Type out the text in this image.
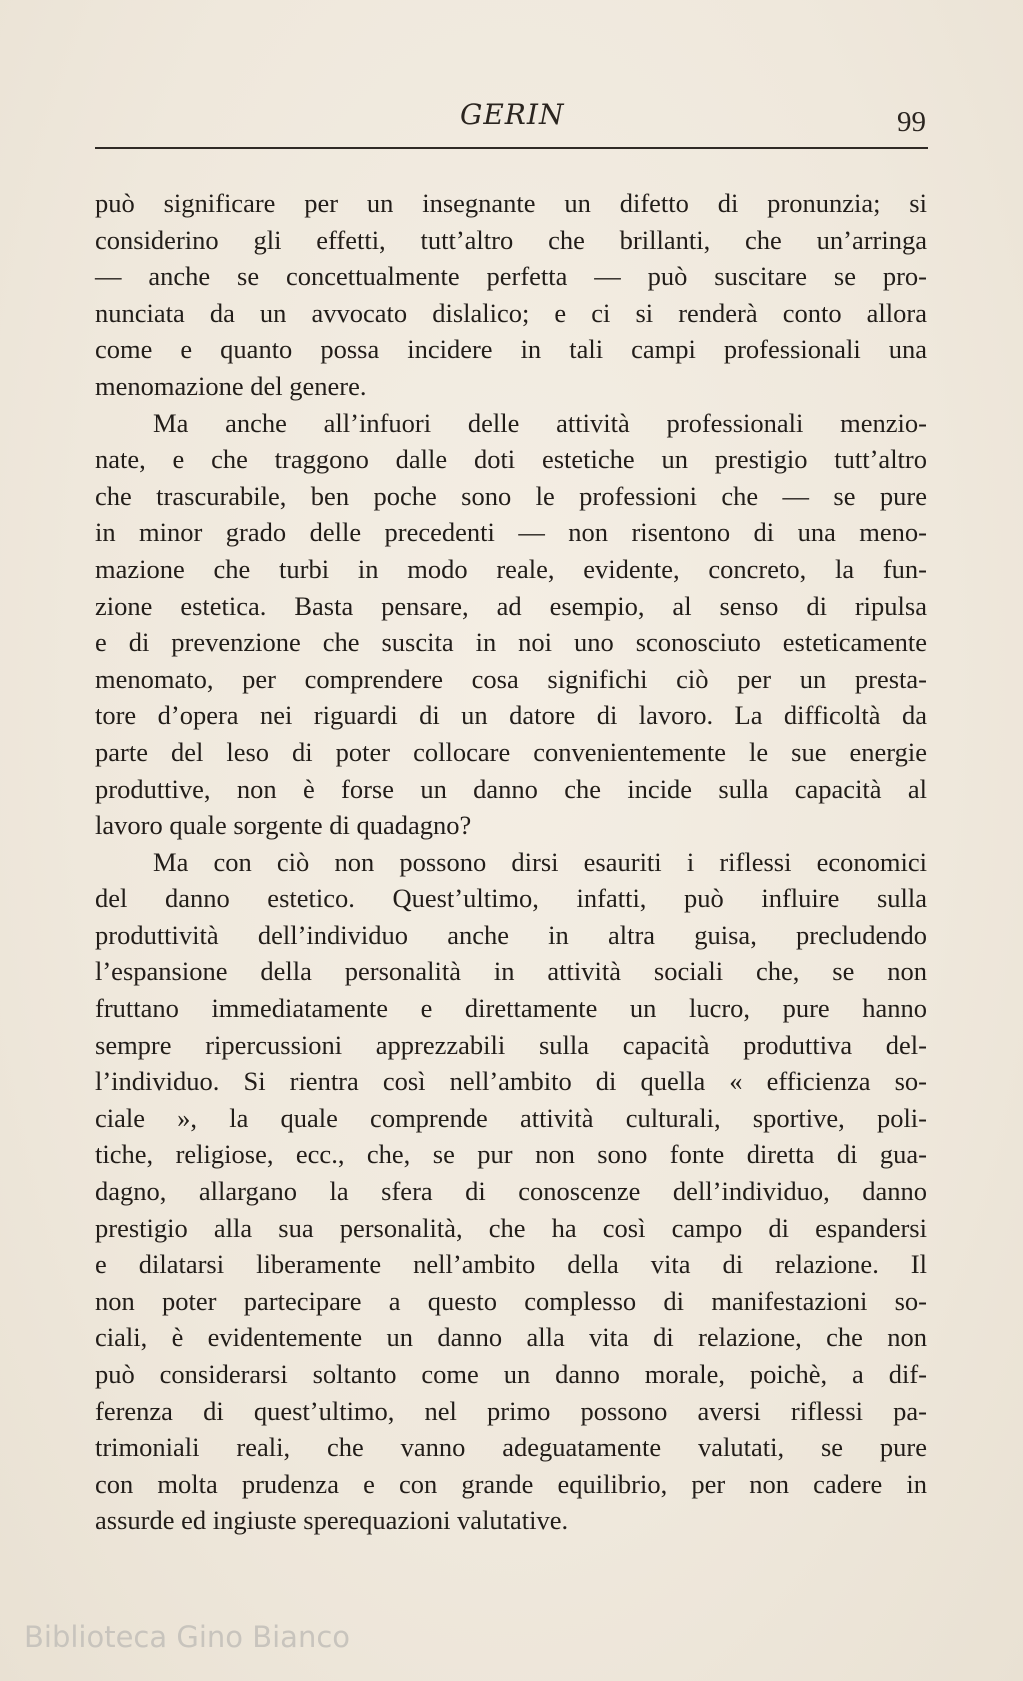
GERIN	99
può significare per un insegnante un difetto di pronunzia; si
considerino gli effetti, tutt’altro che brillanti, che un’arringa
— anche se concettualmente perfetta — può suscitare se pro-
nunciata da un avvocato dislalico; e ci si renderà conto allora
come e quanto possa incidere in tali campi professionali una
menomazione del genere.
Ma anche all’infuori delle attività professionali menzio-
nate, e che traggono dalle doti estetiche un prestigio tutt’altro
che trascurabile, ben poche sono le professioni che — se pure
in minor grado delle precedenti — non risentono di una meno-
mazione che turbi in modo reale, evidente, concreto, la fun-
zione estetica. Basta pensare, ad esempio, al senso di ripulsa
e di prevenzione che suscita in noi uno sconosciuto esteticamente
menomato, per comprendere cosa significhi ciò per un presta-
tore d’opera nei riguardi di un datore di lavoro. La difficoltà da
parte del leso di poter collocare convenientemente le sue energie
produttive, non è forse un danno che incide sulla capacità al
lavoro quale sorgente di quadagno?
Ma con ciò non possono dirsi esauriti i riflessi economici
del danno estetico. Quest’ultimo, infatti, può influire sulla
produttività dell’individuo anche in altra guisa, precludendo
l’espansione della personalità in attività sociali che, se non
fruttano immediatamente e direttamente un lucro, pure hanno
sempre ripercussioni apprezzabili sulla capacità produttiva del-
l’individuo. Si rientra così nell’ambito di quella « efficienza so-
ciale », la quale comprende attività culturali, sportive, poli-
tiche, religiose, ecc., che, se pur non sono fonte diretta di gua-
dagno, allargano la sfera di conoscenze dell’individuo, danno
prestigio alla sua personalità, che ha così campo di espandersi
e dilatarsi liberamente nell’ambito della vita di relazione. Il
non poter partecipare a questo complesso di manifestazioni so-
ciali, è evidentemente un danno alla vita di relazione, che non
può considerarsi soltanto come un danno morale, poichè, a dif-
ferenza di quest’ultimo, nel primo possono aversi riflessi pa-
trimoniali reali, che vanno adeguatamente valutati, se pure
con molta prudenza e con grande equilibrio, per non cadere in
assurde ed ingiuste sperequazioni valutative.
Biblioteca Gino Bianco
